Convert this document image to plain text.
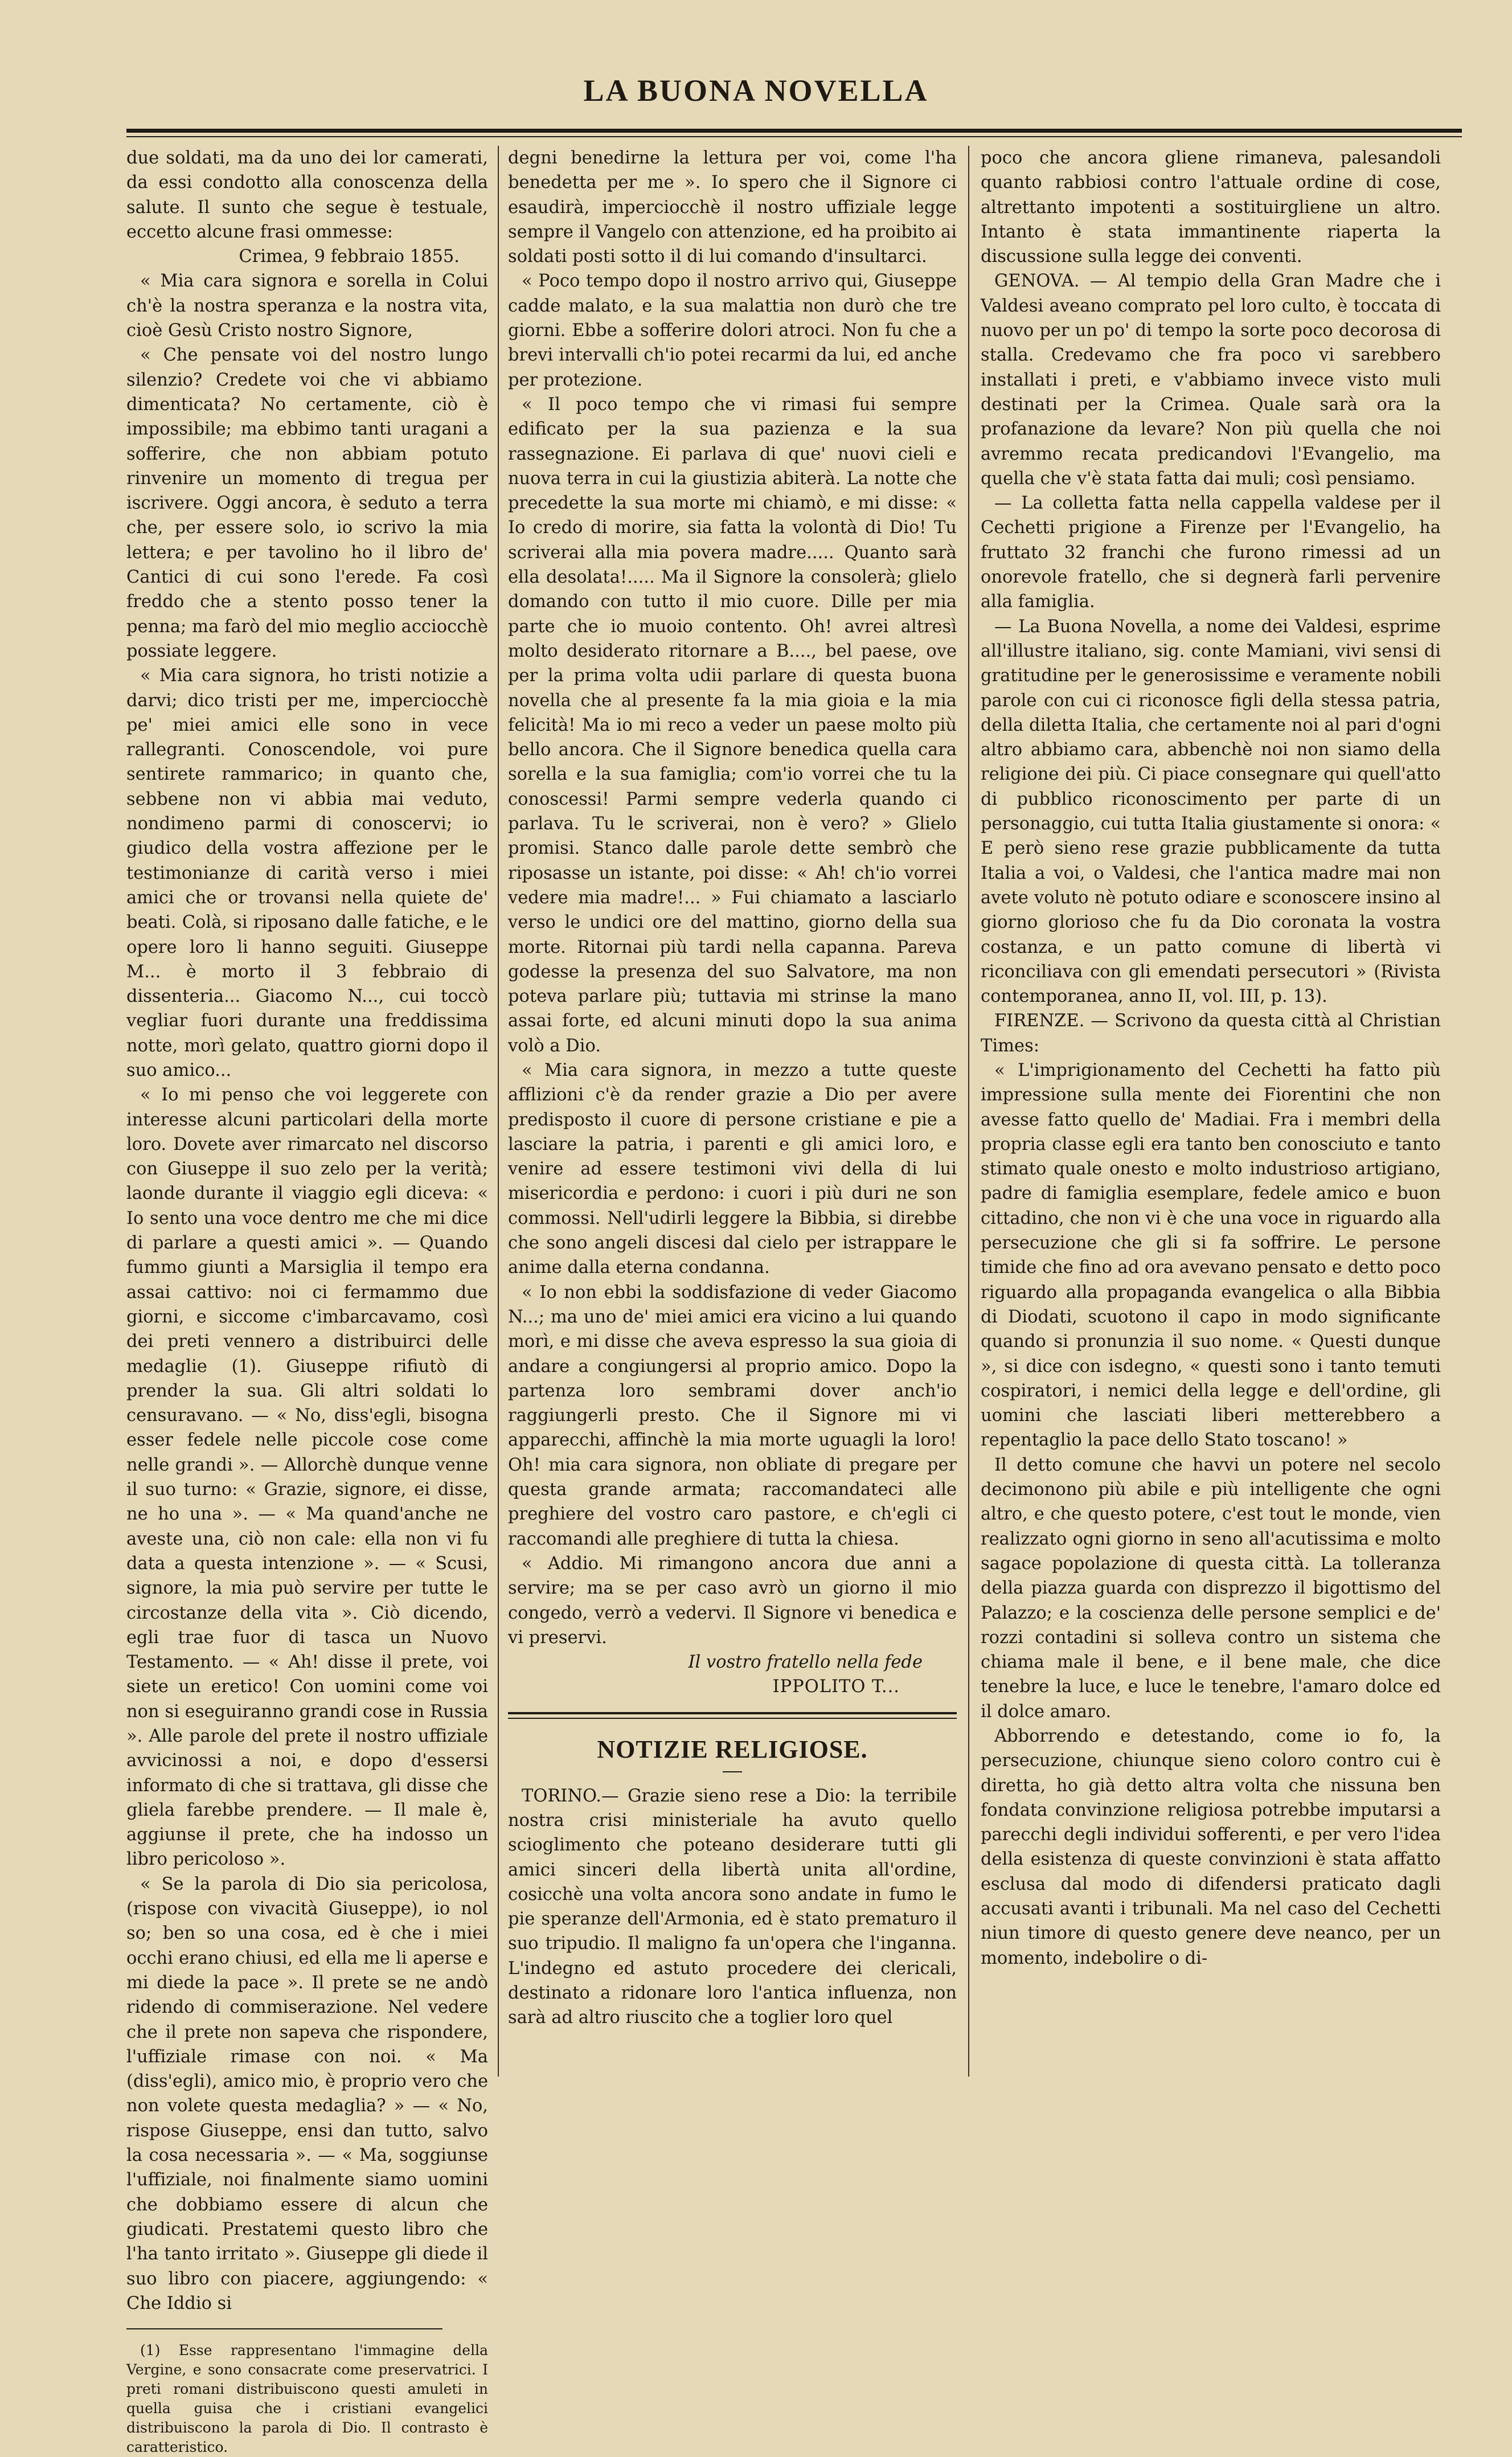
LA BUONA NOVELLA

due soldati, ma da uno dei lor camerati, da essi condotto alla conoscenza della salute. Il sunto che segue è testuale, eccetto alcune frasi ommesse:

Crimea, 9 febbraio 1855.

« Mia cara signora e sorella in Colui ch'è la nostra speranza e la nostra vita, cioè Gesù Cristo nostro Signore,

« Che pensate voi del nostro lungo silenzio? Credete voi che vi abbiamo dimenticata? No certamente, ciò è impossibile; ma ebbimo tanti uragani a sofferire, che non abbiam potuto rinvenire un momento di tregua per iscrivere. Oggi ancora, è seduto a terra che, per essere solo, io scrivo la mia lettera; e per tavolino ho il libro de' Cantici di cui sono l'erede. Fa così freddo che a stento posso tener la penna; ma farò del mio meglio acciocchè possiate leggere.

« Mia cara signora, ho tristi notizie a darvi; dico tristi per me, imperciocchè pe' miei amici elle sono in vece rallegranti. Conoscendole, voi pure sentirete rammarico; in quanto che, sebbene non vi abbia mai veduto, nondimeno parmi di conoscervi; io giudico della vostra affezione per le testimonianze di carità verso i miei amici che or trovansi nella quiete de' beati. Colà, si riposano dalle fatiche, e le opere loro li hanno seguiti. Giuseppe M... è morto il 3 febbraio di dissenteria... Giacomo N..., cui toccò vegliar fuori durante una freddissima notte, morì gelato, quattro giorni dopo il suo amico...

« Io mi penso che voi leggerete con interesse alcuni particolari della morte loro. Dovete aver rimarcato nel discorso con Giuseppe il suo zelo per la verità; laonde durante il viaggio egli diceva: « Io sento una voce dentro me che mi dice di parlare a questi amici ». — Quando fummo giunti a Marsiglia il tempo era assai cattivo: noi ci fermammo due giorni, e siccome c'imbarcavamo, così dei preti vennero a distribuirci delle medaglie (1). Giuseppe rifiutò di prender la sua. Gli altri soldati lo censuravano. — « No, diss'egli, bisogna esser fedele nelle piccole cose come nelle grandi ». — Allorchè dunque venne il suo turno: « Grazie, signore, ei disse, ne ho una ». — « Ma quand'anche ne aveste una, ciò non cale: ella non vi fu data a questa intenzione ». — « Scusi, signore, la mia può servire per tutte le circostanze della vita ». Ciò dicendo, egli trae fuor di tasca un Nuovo Testamento. — « Ah! disse il prete, voi siete un eretico! Con uomini come voi non si eseguiranno grandi cose in Russia ». Alle parole del prete il nostro uffiziale avvicinossi a noi, e dopo d'essersi informato di che si trattava, gli disse che gliela farebbe prendere. — Il male è, aggiunse il prete, che ha indosso un libro pericoloso ».

« Se la parola di Dio sia pericolosa, (rispose con vivacità Giuseppe), io nol so; ben so una cosa, ed è che i miei occhi erano chiusi, ed ella me li aperse e mi diede la pace ». Il prete se ne andò ridendo di commiserazione. Nel vedere che il prete non sapeva che rispondere, l'uffiziale rimase con noi. « Ma (diss'egli), amico mio, è proprio vero che non volete questa medaglia? » — « No, rispose Giuseppe, ensi dan tutto, salvo la cosa necessaria ». — « Ma, soggiunse l'uffiziale, noi finalmente siamo uomini che dobbiamo essere di alcun che giudicati. Prestatemi questo libro che l'ha tanto irritato ». Giuseppe gli diede il suo libro con piacere, aggiungendo: « Che Iddio si

(1) Esse rappresentano l'immagine della Vergine, e sono consacrate come preservatrici. I preti romani distribuiscono questi amuleti in quella guisa che i cristiani evangelici distribuiscono la parola di Dio. Il contrasto è caratteristico.

degni benedirne la lettura per voi, come l'ha benedetta per me ». Io spero che il Signore ci esaudirà, imperciocchè il nostro uffiziale legge sempre il Vangelo con attenzione, ed ha proibito ai soldati posti sotto il di lui comando d'insultarci.

« Poco tempo dopo il nostro arrivo qui, Giuseppe cadde malato, e la sua malattia non durò che tre giorni. Ebbe a sofferire dolori atroci. Non fu che a brevi intervalli ch'io potei recarmi da lui, ed anche per protezione.

« Il poco tempo che vi rimasi fui sempre edificato per la sua pazienza e la sua rassegnazione. Ei parlava di que' nuovi cieli e nuova terra in cui la giustizia abiterà. La notte che precedette la sua morte mi chiamò, e mi disse: « Io credo di morire, sia fatta la volontà di Dio! Tu scriverai alla mia povera madre..... Quanto sarà ella desolata!..... Ma il Signore la consolerà; glielo domando con tutto il mio cuore. Dille per mia parte che io muoio contento. Oh! avrei altresì molto desiderato ritornare a B...., bel paese, ove per la prima volta udii parlare di questa buona novella che al presente fa la mia gioia e la mia felicità! Ma io mi reco a veder un paese molto più bello ancora. Che il Signore benedica quella cara sorella e la sua famiglia; com'io vorrei che tu la conoscessi! Parmi sempre vederla quando ci parlava. Tu le scriverai, non è vero? » Glielo promisi. Stanco dalle parole dette sembrò che riposasse un istante, poi disse: « Ah! ch'io vorrei vedere mia madre!... » Fui chiamato a lasciarlo verso le undici ore del mattino, giorno della sua morte. Ritornai più tardi nella capanna. Pareva godesse la presenza del suo Salvatore, ma non poteva parlare più; tuttavia mi strinse la mano assai forte, ed alcuni minuti dopo la sua anima volò a Dio.

« Mia cara signora, in mezzo a tutte queste afflizioni c'è da render grazie a Dio per avere predisposto il cuore di persone cristiane e pie a lasciare la patria, i parenti e gli amici loro, e venire ad essere testimoni vivi della di lui misericordia e perdono: i cuori i più duri ne son commossi. Nell'udirli leggere la Bibbia, si direbbe che sono angeli discesi dal cielo per istrappare le anime dalla eterna condanna.

« Io non ebbi la soddisfazione di veder Giacomo N...; ma uno de' miei amici era vicino a lui quando morì, e mi disse che aveva espresso la sua gioia di andare a congiungersi al proprio amico. Dopo la partenza loro sembrami dover anch'io raggiungerli presto. Che il Signore mi vi apparecchi, affinchè la mia morte uguagli la loro! Oh! mia cara signora, non obliate di pregare per questa grande armata; raccomandateci alle preghiere del vostro caro pastore, e ch'egli ci raccomandi alle preghiere di tutta la chiesa.

« Addio. Mi rimangono ancora due anni a servire; ma se per caso avrò un giorno il mio congedo, verrò a vedervi. Il Signore vi benedica e vi preservi.

Il vostro fratello nella fede

IPPOLITO T...

NOTIZIE RELIGIOSE.

TORINO.— Grazie sieno rese a Dio: la terribile nostra crisi ministeriale ha avuto quello scioglimento che poteano desiderare tutti gli amici sinceri della libertà unita all'ordine, cosicchè una volta ancora sono andate in fumo le pie speranze dell'Armonia, ed è stato prematuro il suo tripudio. Il maligno fa un'opera che l'inganna. L'indegno ed astuto procedere dei clericali, destinato a ridonare loro l'antica influenza, non sarà ad altro riuscito che a toglier loro quel

poco che ancora gliene rimaneva, palesandoli quanto rabbiosi contro l'attuale ordine di cose, altrettanto impotenti a sostituirgliene un altro. Intanto è stata immantinente riaperta la discussione sulla legge dei conventi.

GENOVA. — Al tempio della Gran Madre che i Valdesi aveano comprato pel loro culto, è toccata di nuovo per un po' di tempo la sorte poco decorosa di stalla. Credevamo che fra poco vi sarebbero installati i preti, e v'abbiamo invece visto muli destinati per la Crimea. Quale sarà ora la profanazione da levare? Non più quella che noi avremmo recata predicandovi l'Evangelio, ma quella che v'è stata fatta dai muli; così pensiamo.

— La colletta fatta nella cappella valdese per il Cechetti prigione a Firenze per l'Evangelio, ha fruttato 32 franchi che furono rimessi ad un onorevole fratello, che si degnerà farli pervenire alla famiglia.

— La Buona Novella, a nome dei Valdesi, esprime all'illustre italiano, sig. conte Mamiani, vivi sensi di gratitudine per le generosissime e veramente nobili parole con cui ci riconosce figli della stessa patria, della diletta Italia, che certamente noi al pari d'ogni altro abbiamo cara, abbenchè noi non siamo della religione dei più. Ci piace consegnare qui quell'atto di pubblico riconoscimento per parte di un personaggio, cui tutta Italia giustamente si onora: « E però sieno rese grazie pubblicamente da tutta Italia a voi, o Valdesi, che l'antica madre mai non avete voluto nè potuto odiare e sconoscere insino al giorno glorioso che fu da Dio coronata la vostra costanza, e un patto comune di libertà vi riconciliava con gli emendati persecutori » (Rivista contemporanea, anno II, vol. III, p. 13).

FIRENZE. — Scrivono da questa città al Christian Times:

« L'imprigionamento del Cechetti ha fatto più impressione sulla mente dei Fiorentini che non avesse fatto quello de' Madiai. Fra i membri della propria classe egli era tanto ben conosciuto e tanto stimato quale onesto e molto industrioso artigiano, padre di famiglia esemplare, fedele amico e buon cittadino, che non vi è che una voce in riguardo alla persecuzione che gli si fa soffrire. Le persone timide che fino ad ora avevano pensato e detto poco riguardo alla propaganda evangelica o alla Bibbia di Diodati, scuotono il capo in modo significante quando si pronunzia il suo nome. « Questi dunque », si dice con isdegno, « questi sono i tanto temuti cospiratori, i nemici della legge e dell'ordine, gli uomini che lasciati liberi metterebbero a repentaglio la pace dello Stato toscano! »

Il detto comune che havvi un potere nel secolo decimonono più abile e più intelligente che ogni altro, e che questo potere, c'est tout le monde, vien realizzato ogni giorno in seno all'acutissima e molto sagace popolazione di questa città. La tolleranza della piazza guarda con disprezzo il bigottismo del Palazzo; e la coscienza delle persone semplici e de' rozzi contadini si solleva contro un sistema che chiama male il bene, e il bene male, che dice tenebre la luce, e luce le tenebre, l'amaro dolce ed il dolce amaro.

Abborrendo e detestando, come io fo, la persecuzione, chiunque sieno coloro contro cui è diretta, ho già detto altra volta che nissuna ben fondata convinzione religiosa potrebbe imputarsi a parecchi degli individui sofferenti, e per vero l'idea della esistenza di queste convinzioni è stata affatto esclusa dal modo di difendersi praticato dagli accusati avanti i tribunali. Ma nel caso del Cechetti niun timore di questo genere deve neanco, per un momento, indebolire o di-
